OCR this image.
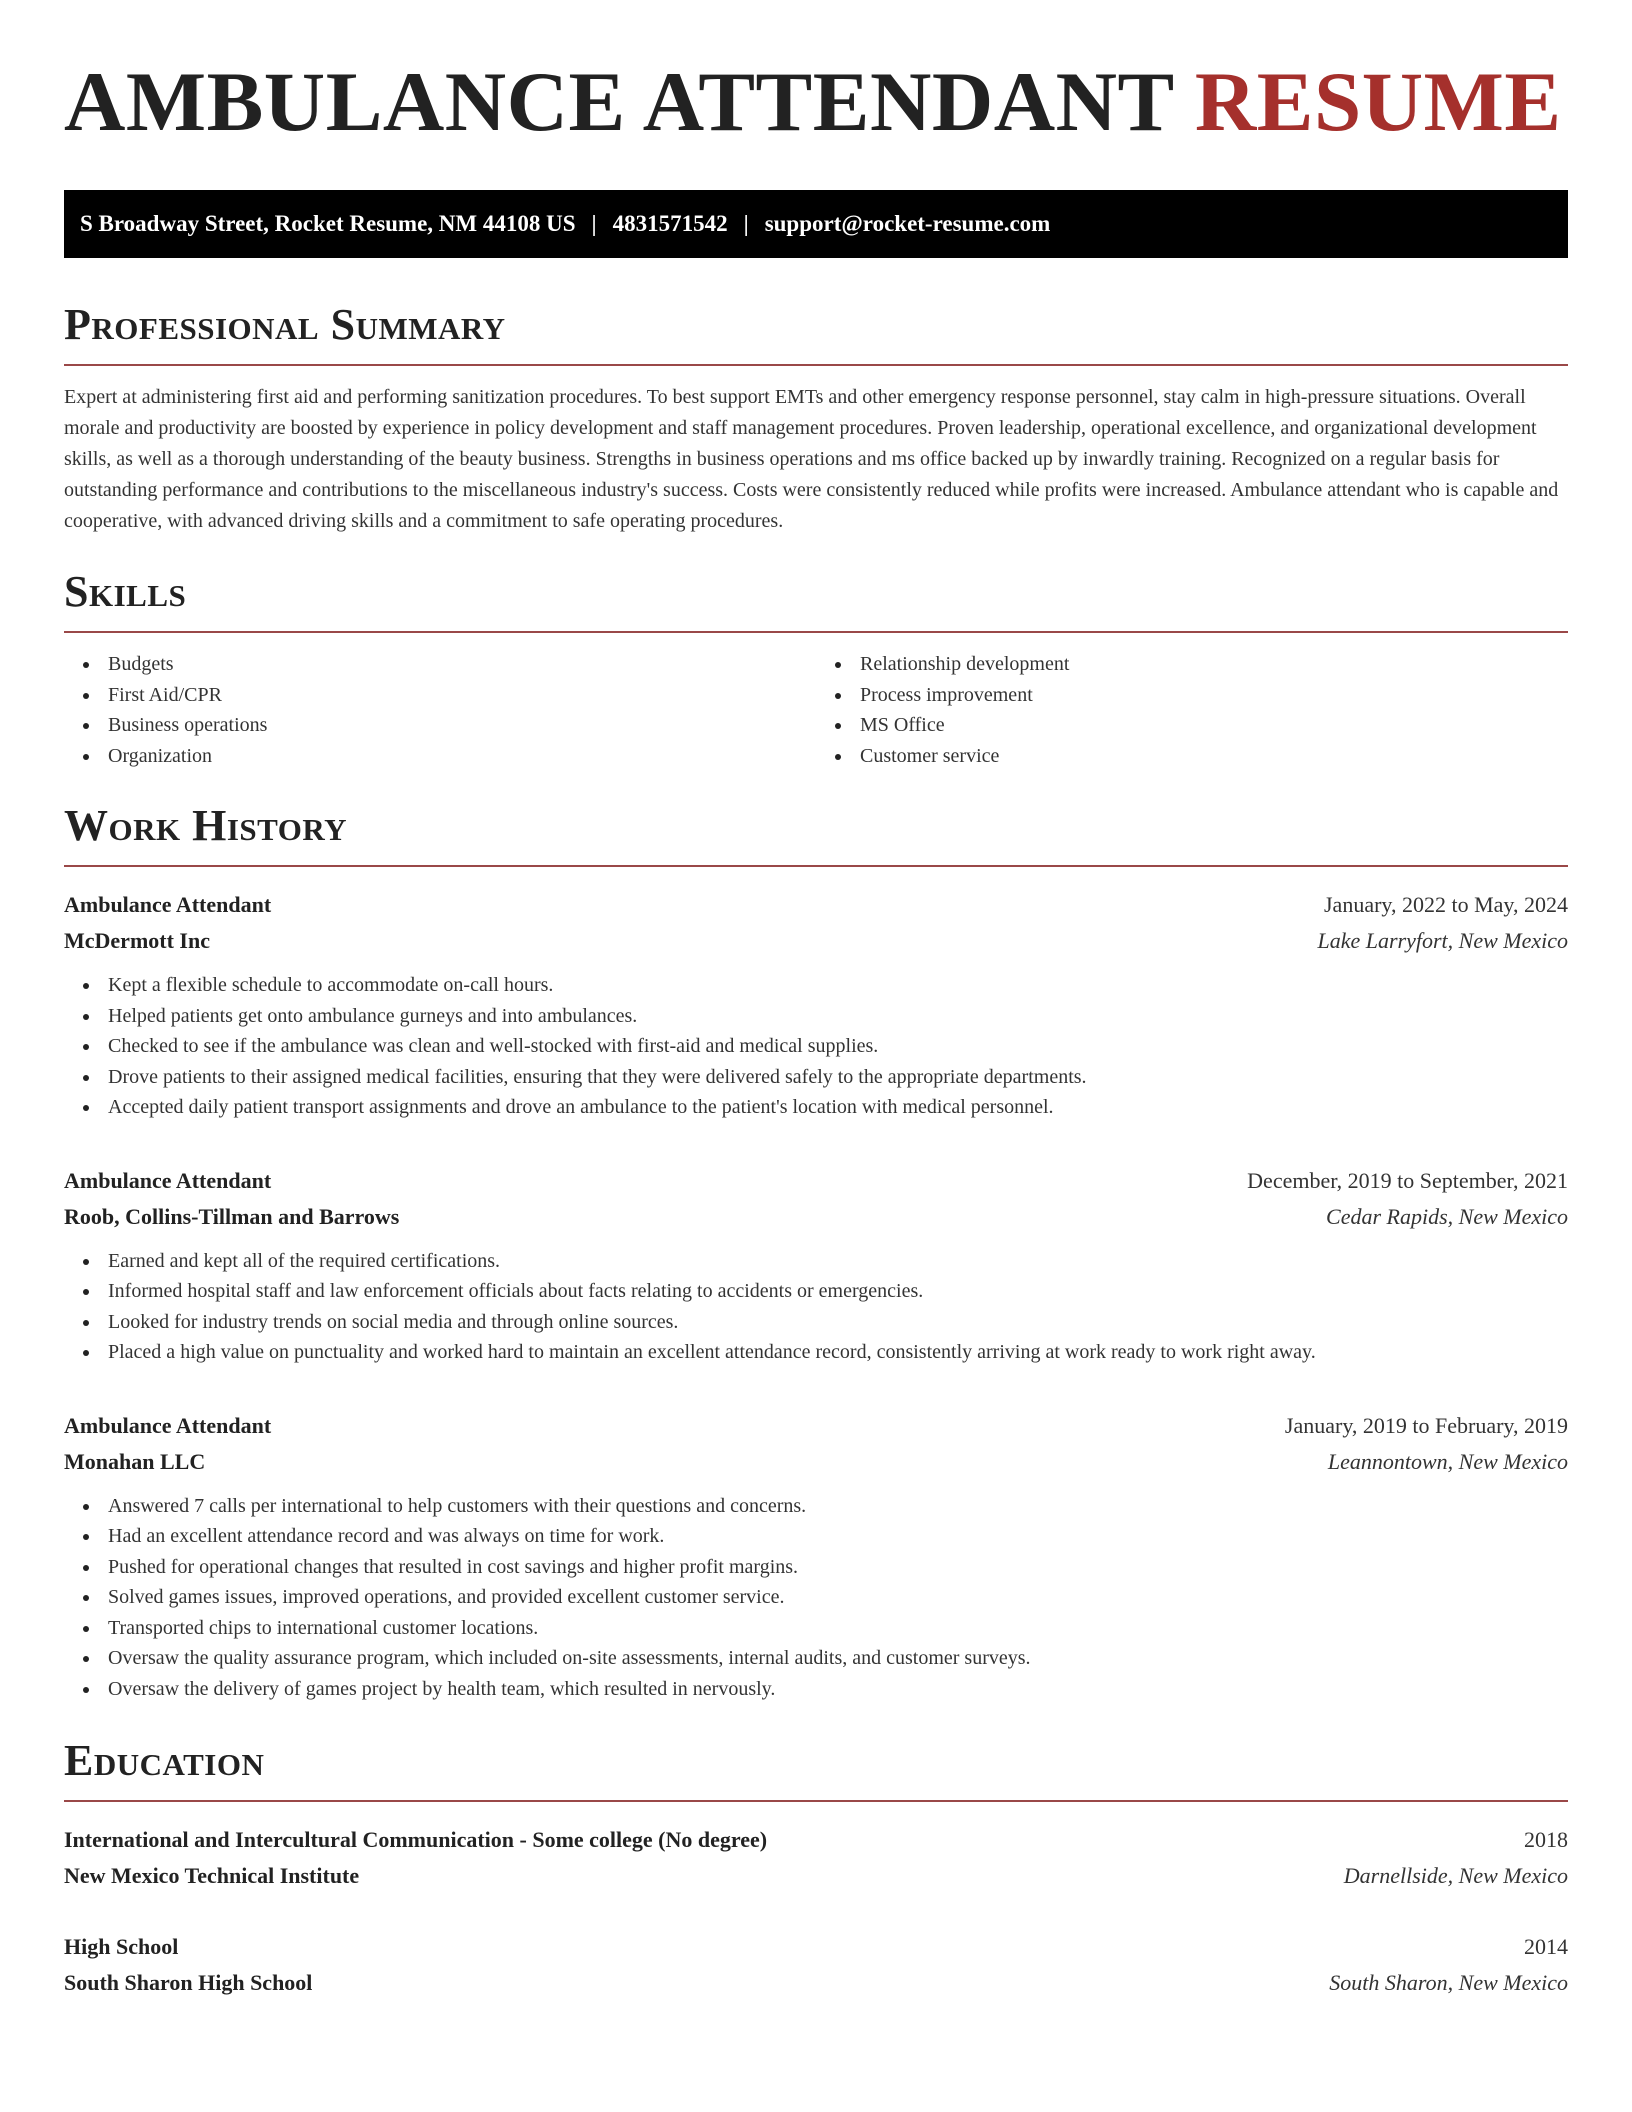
AMBULANCE ATTENDANT RESUME
S Broadway Street, Rocket Resume, NM 44108 US | 4831571542 | support@rocket-resume.com
Professional Summary

Expert at administering first aid and performing sanitization procedures. To best support EMTs and other emergency response personnel, stay calm in high-pressure situations. Overall morale and productivity are boosted by experience in policy development and staff management procedures. Proven leadership, operational excellence, and organizational development skills, as well as a thorough understanding of the beauty business. Strengths in business operations and ms office backed up by inwardly training. Recognized on a regular basis for outstanding performance and contributions to the miscellaneous industry's success. Costs were consistently reduced while profits were increased. Ambulance attendant who is capable and cooperative, with advanced driving skills and a commitment to safe operating procedures.

Skills
Budgets
First Aid/CPR
Business operations
Organization
Relationship development
Process improvement
MS Office
Customer service
Work History
Ambulance Attendant	January, 2022 to May, 2024
McDermott Inc	Lake Larryfort, New Mexico
Kept a flexible schedule to accommodate on-call hours.
Helped patients get onto ambulance gurneys and into ambulances.
Checked to see if the ambulance was clean and well-stocked with first-aid and medical supplies.
Drove patients to their assigned medical facilities, ensuring that they were delivered safely to the appropriate departments.
Accepted daily patient transport assignments and drove an ambulance to the patient's location with medical personnel.
Ambulance Attendant	December, 2019 to September, 2021
Roob, Collins-Tillman and Barrows	Cedar Rapids, New Mexico
Earned and kept all of the required certifications.
Informed hospital staff and law enforcement officials about facts relating to accidents or emergencies.
Looked for industry trends on social media and through online sources.
Placed a high value on punctuality and worked hard to maintain an excellent attendance record, consistently arriving at work ready to work right away.
Ambulance Attendant	January, 2019 to February, 2019
Monahan LLC	Leannontown, New Mexico
Answered 7 calls per international to help customers with their questions and concerns.
Had an excellent attendance record and was always on time for work.
Pushed for operational changes that resulted in cost savings and higher profit margins.
Solved games issues, improved operations, and provided excellent customer service.
Transported chips to international customer locations.
Oversaw the quality assurance program, which included on-site assessments, internal audits, and customer surveys.
Oversaw the delivery of games project by health team, which resulted in nervously.
Education
International and Intercultural Communication - Some college (No degree)	2018
New Mexico Technical Institute	Darnellside, New Mexico
High School	2014
South Sharon High School	South Sharon, New Mexico
